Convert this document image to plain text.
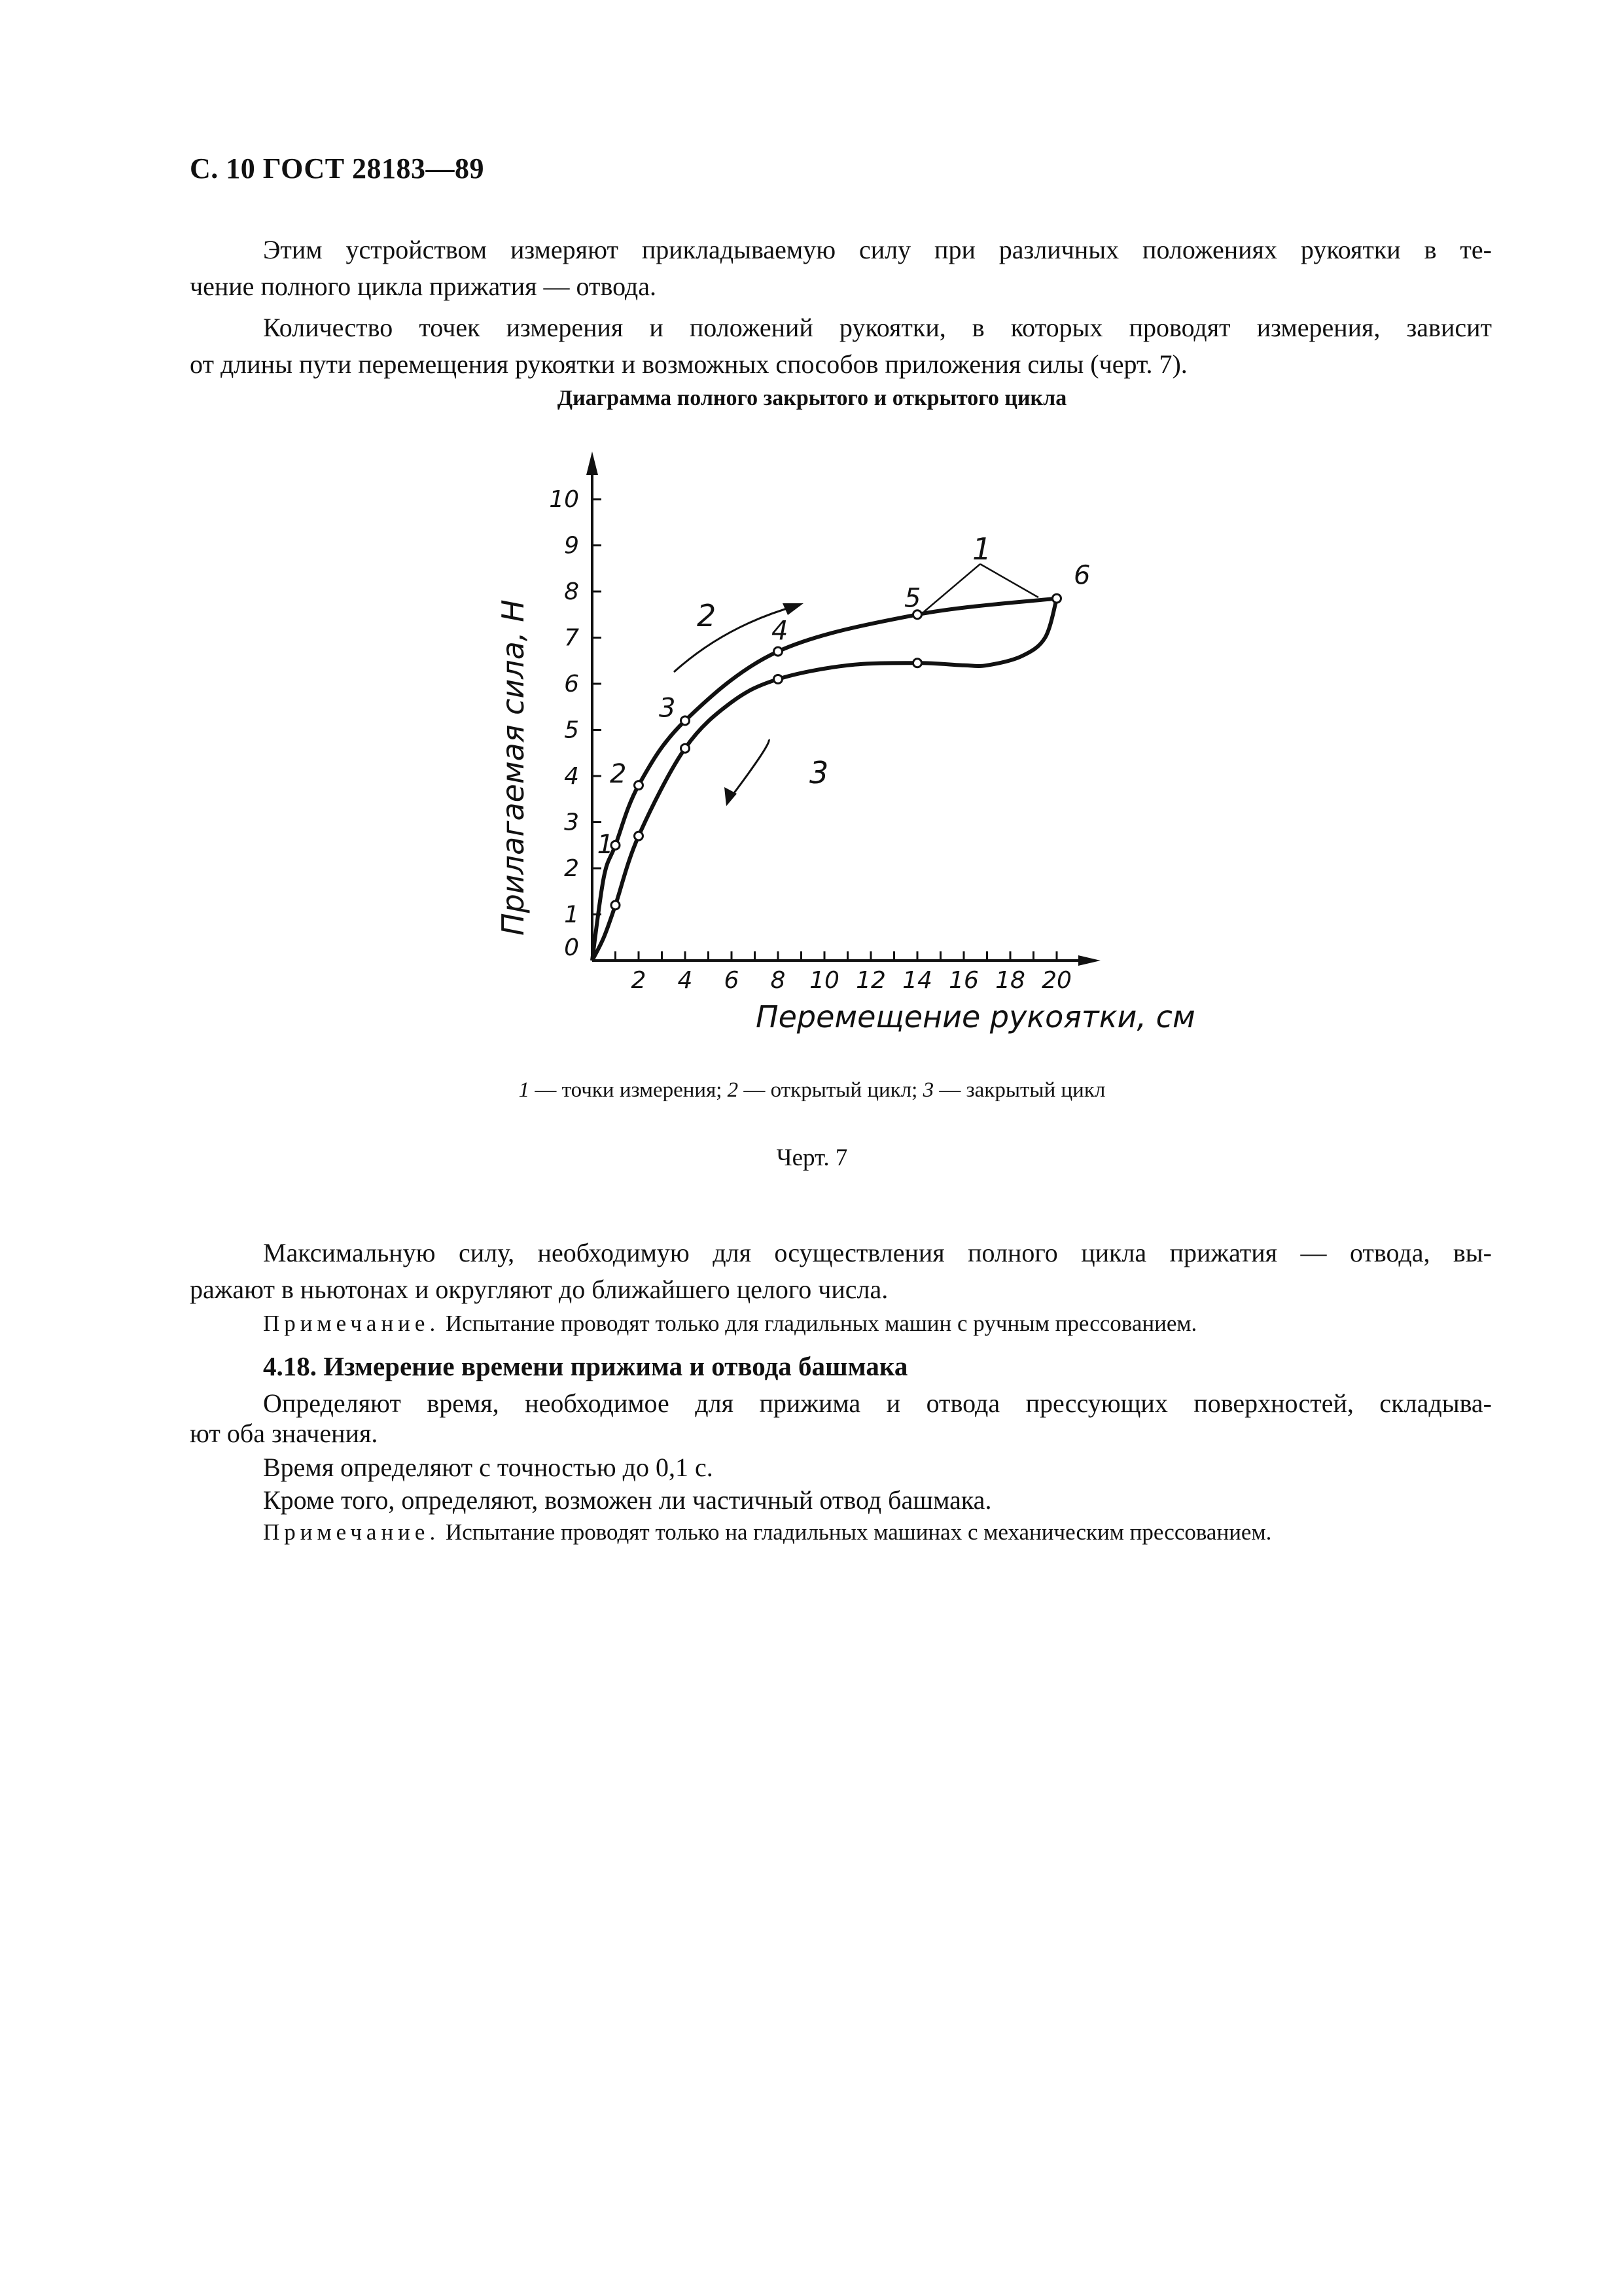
С. 10 ГОСТ 28183—89
Этим устройством измеряют прикладываемую силу при различных положениях рукоятки в те-
чение полного цикла прижатия — отвода.
Количество точек измерения и положений рукоятки, в которых проводят измерения, зависит
от длины пути перемещения рукоятки и возможных способов приложения силы (черт. 7).
Диаграмма полного закрытого и открытого цикла
2 4 6 8 10 12 14 16 18 20
0
1
2
3
4
5
6
7
8
9
10
1
2
3
4
5
6
Перемещение рукоятки, см
Прилагаемая сила, Н	2
3
1
1 — точки измерения; 2 — открытый цикл; 3 — закрытый цикл
Черт. 7
Максимальную силу, необходимую для осуществления полного цикла прижатия — отвода, вы-
ражают в ньютонах и округляют до ближайшего целого числа.
Примечание. Испытание проводят только для гладильных машин с ручным прессованием.
4.18. Измерение времени прижима и отвода башмака
Определяют время, необходимое для прижима и отвода прессующих поверхностей, складыва-
ют оба значения.
Время определяют с точностью до 0,1 с.
Кроме того, определяют, возможен ли частичный отвод башмака.
Примечание. Испытание проводят только на гладильных машинах с механическим прессованием.
